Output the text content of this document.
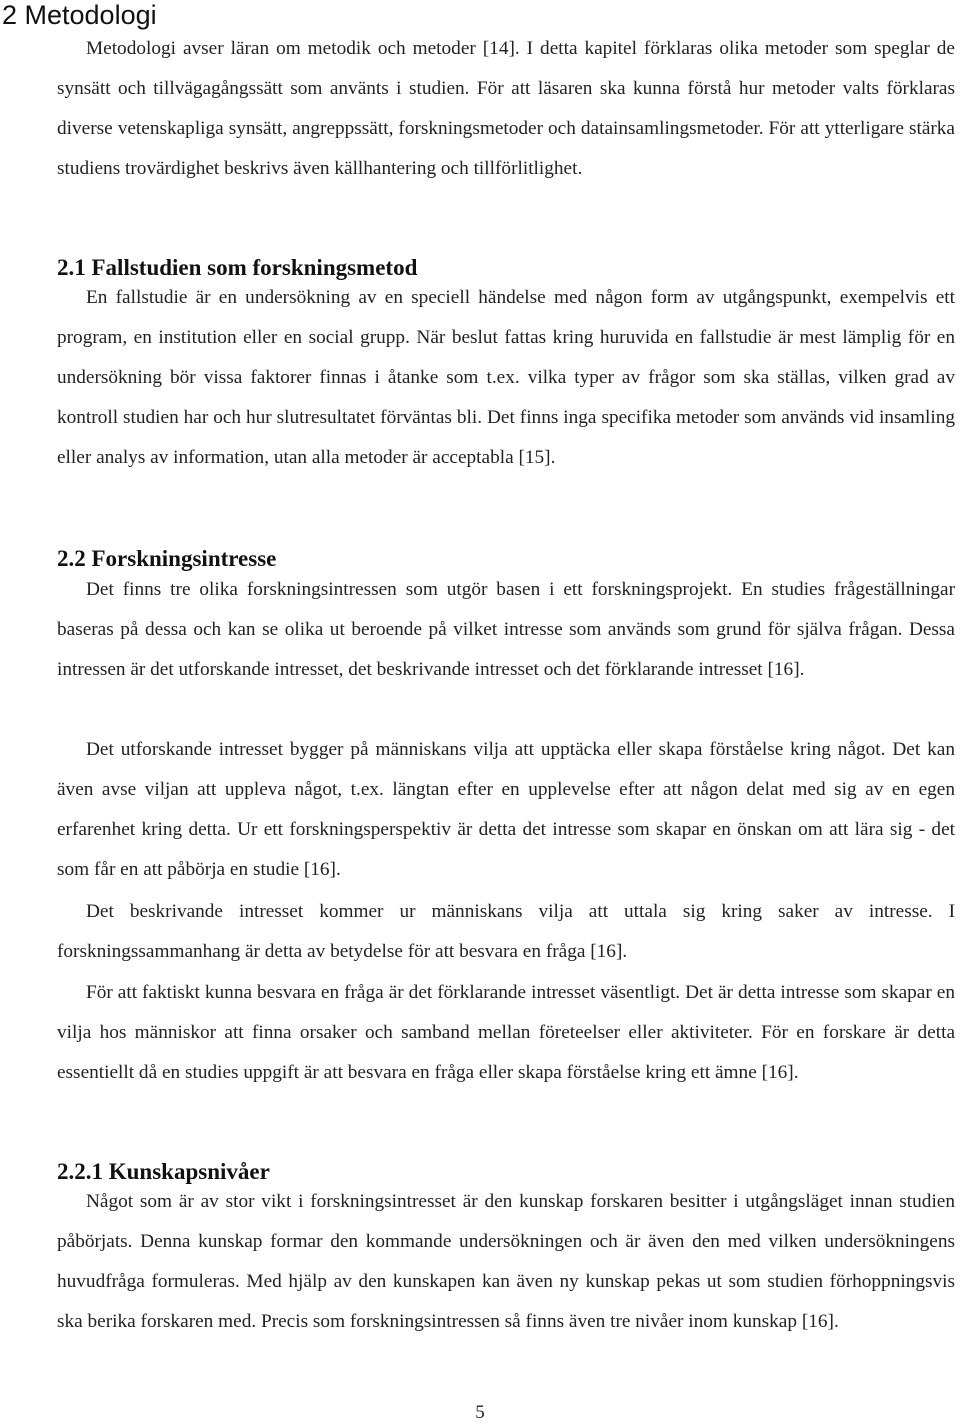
2 Metodologi

Metodologi avser läran om metodik och metoder [14]. I detta kapitel förklaras olika metoder som speglar de synsätt och tillvägagångssätt som använts i studien. För att läsaren ska kunna förstå hur metoder valts förklaras diverse vetenskapliga synsätt, angreppssätt, forskningsmetoder och datainsamlingsmetoder. För att ytterligare stärka studiens trovärdighet beskrivs även källhantering och tillförlitlighet.

2.1 Fallstudien som forskningsmetod

En fallstudie är en undersökning av en speciell händelse med någon form av utgångspunkt, exempelvis ett program, en institution eller en social grupp. När beslut fattas kring huruvida en fallstudie är mest lämplig för en undersökning bör vissa faktorer finnas i åtanke som t.ex. vilka typer av frågor som ska ställas, vilken grad av kontroll studien har och hur slutresultatet förväntas bli. Det finns inga specifika metoder som används vid insamling eller analys av information, utan alla metoder är acceptabla [15].

2.2 Forskningsintresse

Det finns tre olika forskningsintressen som utgör basen i ett forskningsprojekt. En studies frågeställningar baseras på dessa och kan se olika ut beroende på vilket intresse som används som grund för själva frågan. Dessa intressen är det utforskande intresset, det beskrivande intresset och det förklarande intresset [16].

Det utforskande intresset bygger på människans vilja att upptäcka eller skapa förståelse kring något. Det kan även avse viljan att uppleva något, t.ex. längtan efter en upplevelse efter att någon delat med sig av en egen erfarenhet kring detta. Ur ett forskningsperspektiv är detta det intresse som skapar en önskan om att lära sig - det som får en att påbörja en studie [16].

Det beskrivande intresset kommer ur människans vilja att uttala sig kring saker av intresse. I forskningssammanhang är detta av betydelse för att besvara en fråga [16].

För att faktiskt kunna besvara en fråga är det förklarande intresset väsentligt. Det är detta intresse som skapar en vilja hos människor att finna orsaker och samband mellan företeelser eller aktiviteter. För en forskare är detta essentiellt då en studies uppgift är att besvara en fråga eller skapa förståelse kring ett ämne [16].

2.2.1 Kunskapsnivåer

Något som är av stor vikt i forskningsintresset är den kunskap forskaren besitter i utgångsläget innan studien påbörjats. Denna kunskap formar den kommande undersökningen och är även den med vilken undersökningens huvudfråga formuleras. Med hjälp av den kunskapen kan även ny kunskap pekas ut som studien förhoppningsvis ska berika forskaren med. Precis som forskningsintressen så finns även tre nivåer inom kunskap [16].

5
